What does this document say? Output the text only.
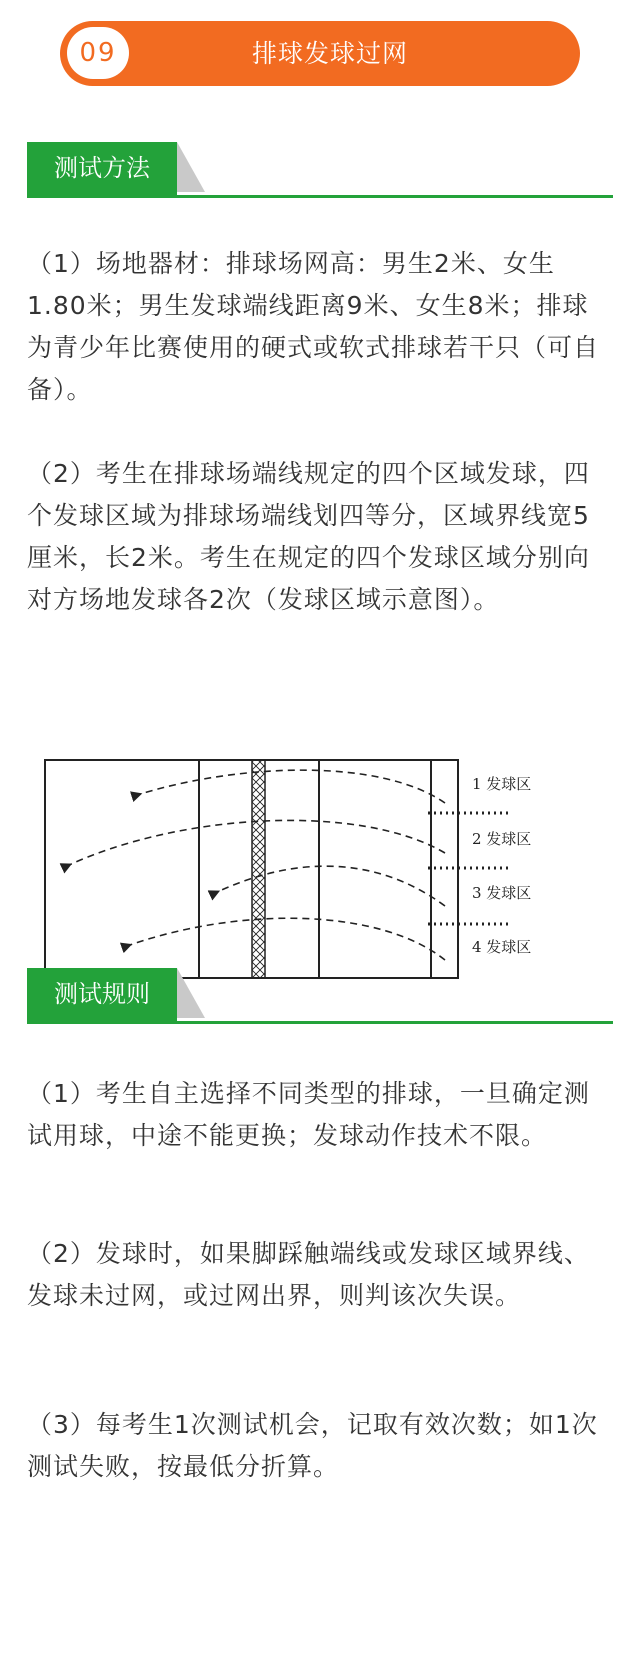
09	排球发球过网
测试方法

（1）场地器材：排球场网高：男生2米、女生1.80米；男生发球端线距离9米、女生8米；排球为青少年比赛使用的硬式或软式排球若干只（可自备）。

（2）考生在排球场端线规定的四个区域发球，四个发球区域为排球场端线划四等分，区域界线宽5厘米，长2米。考生在规定的四个发球区域分别向对方场地发球各2次（发球区域示意图）。

1 发球区
2 发球区
3 发球区
4 发球区
测试规则

（1）考生自主选择不同类型的排球，一旦确定测试用球，中途不能更换；发球动作技术不限。

（2）发球时，如果脚踩触端线或发球区域界线、发球未过网，或过网出界，则判该次失误。

（3）每考生1次测试机会，记取有效次数；如1次测试失败，按最低分折算。
